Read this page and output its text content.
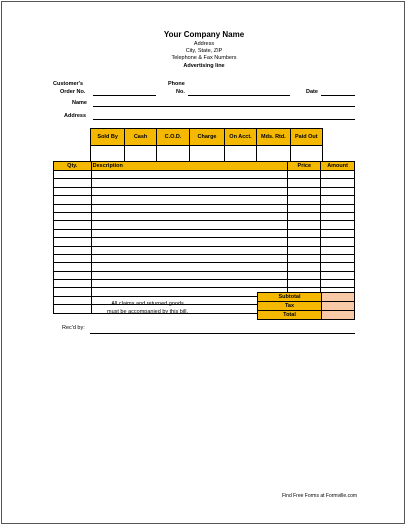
Your Company Name
Address
City, State, ZIP
Telephone & Fax Numbers
Advertising line
Customer's
Order No.
Phone
No.	Date
Name
Address
Sold By	Cash	C.O.D.	Charge	On Acct.	Mds. Rtd.	Paid Out

Qty.	Description	Price	Amount

Subtotal	
Tax	
Total	
All claims and returned goods
must be accompanied by this bill.
Rec'd by:
Find Free Forms at Formville.com
